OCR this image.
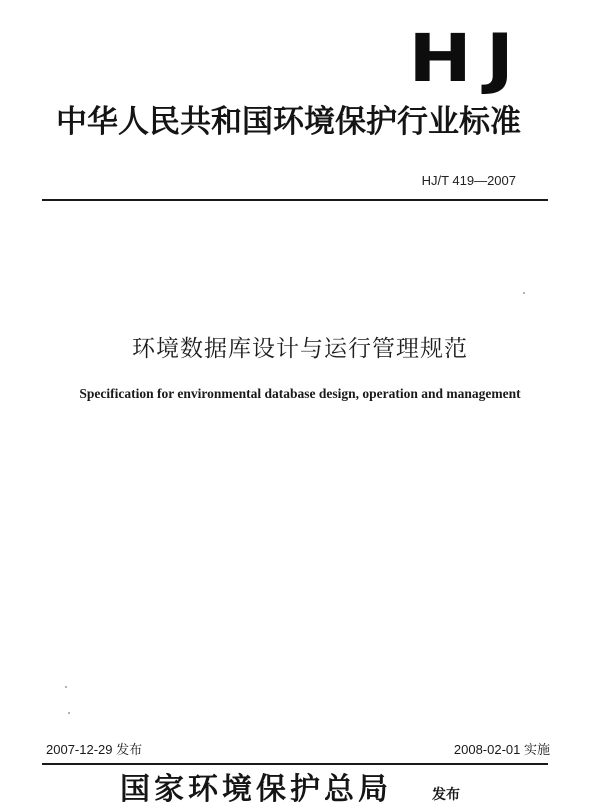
HJ
中华人民共和国环境保护行业标准
HJ/T 419—2007
环境数据库设计与运行管理规范
Specification for environmental database design, operation and management
2007-12-29 发布	2008-02-01 实施
国家环境保护总局	发布
